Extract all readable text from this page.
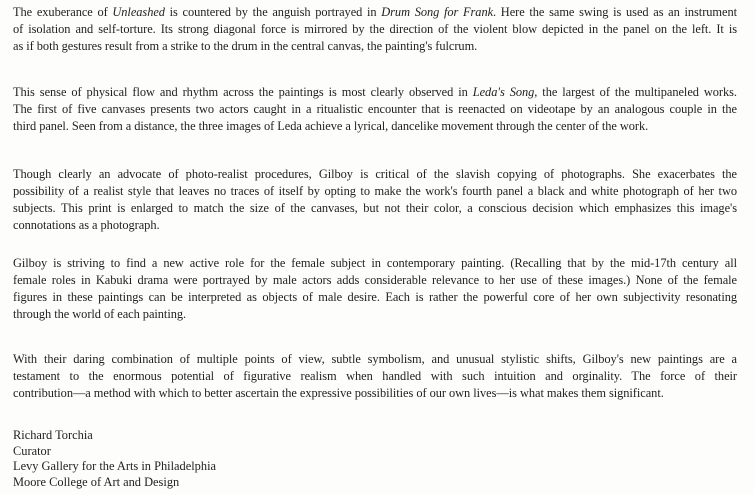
The exuberance of Unleashed is countered by the anguish portrayed in Drum Song for Frank. Here the same swing is used as an instrument
of isolation and self-torture. Its strong diagonal force is mirrored by the direction of the violent blow depicted in the panel on the left. It is
as if both gestures result from a strike to the drum in the central canvas, the painting's fulcrum.

This sense of physical flow and rhythm across the paintings is most clearly observed in Leda's Song, the largest of the multipaneled works.
The first of five canvases presents two actors caught in a ritualistic encounter that is reenacted on videotape by an analogous couple in the
third panel. Seen from a distance, the three images of Leda achieve a lyrical, dancelike movement through the center of the work.

Though clearly an advocate of photo-realist procedures, Gilboy is critical of the slavish copying of photographs. She exacerbates the
possibility of a realist style that leaves no traces of itself by opting to make the work's fourth panel a black and white photograph of her two
subjects. This print is enlarged to match the size of the canvases, but not their color, a conscious decision which emphasizes this image's
connotations as a photograph.

Gilboy is striving to find a new active role for the female subject in contemporary painting. (Recalling that by the mid-17th century all
female roles in Kabuki drama were portrayed by male actors adds considerable relevance to her use of these images.) None of the female
figures in these paintings can be interpreted as objects of male desire. Each is rather the powerful core of her own subjectivity resonating
through the world of each painting.

With their daring combination of multiple points of view, subtle symbolism, and unusual stylistic shifts, Gilboy's new paintings are a
testament to the enormous potential of figurative realism when handled with such intuition and orginality. The force of their
contribution—a method with which to better ascertain the expressive possibilities of our own lives—is what makes them significant.

Richard Torchia
Curator
Levy Gallery for the Arts in Philadelphia
Moore College of Art and Design
